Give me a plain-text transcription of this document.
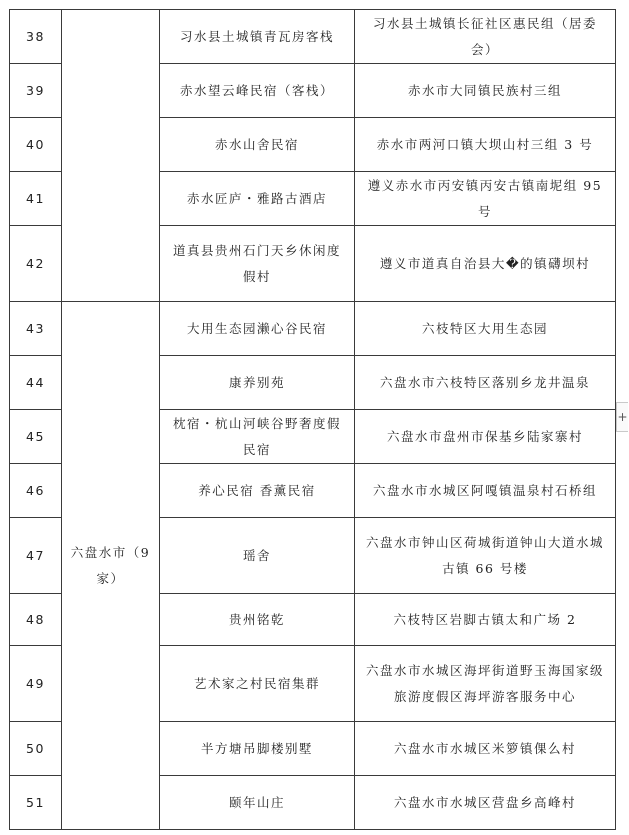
38		习水县土城镇青瓦房客栈	习水县土城镇长征社区惠民组（居委会）
39		赤水望云峰民宿（客栈）	赤水市大同镇民族村三组
40		赤水山舍民宿	赤水市两河口镇大坝山村三组 3 号
41		赤水匠庐・雅路古酒店	遵义赤水市丙安镇丙安古镇南坭组 95 号
42		道真县贵州石门天乡休闲度假村	遵义市道真自治县大�的镇礴坝村
43	六盘水市（9家）	大用生态园濑心谷民宿	六枝特区大用生态园
44		康养别苑	六盘水市六枝特区落别乡龙井温泉
45		枕宿・杭山河峡谷野奢度假民宿	六盘水市盘州市保基乡陆家寨村
46		养心民宿 香薰民宿	六盘水市水城区阿嘎镇温泉村石桥组
47		瑶舍	六盘水市钟山区荷城街道钟山大道水城古镇 66 号楼
48		贵州铭乾	六枝特区岩脚古镇太和广场 2
49		艺术家之村民宿集群	六盘水市水城区海坪街道野玉海国家级旅游度假区海坪游客服务中心
50		半方塘吊脚楼别墅	六盘水市水城区米箩镇倮么村
51		颐年山庄	六盘水市水城区营盘乡高峰村
+
